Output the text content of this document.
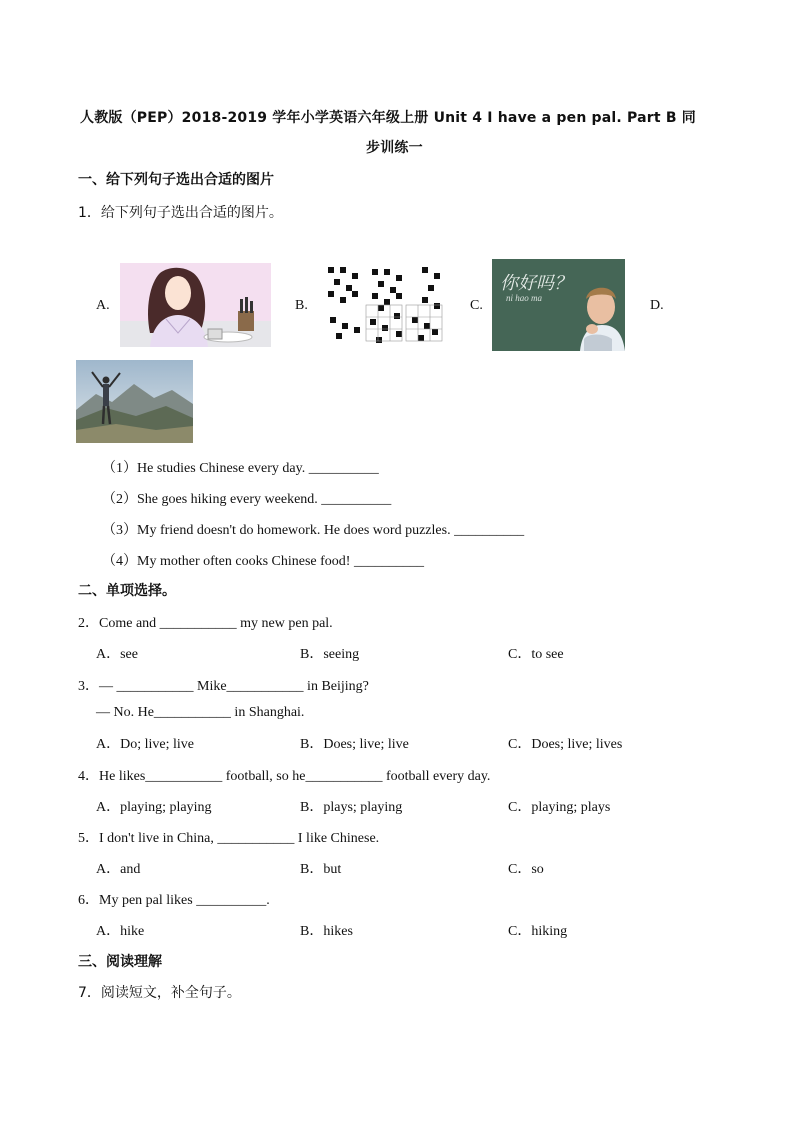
人教版（PEP）2018-2019 学年小学英语六年级上册 Unit 4 I have a pen pal. Part B 同
步训练一
一、给下列句子选出合适的图片
1．给下列句子选出合适的图片。
A.	B.	C.
你好吗？
ni hao ma	D.
（1）He studies Chinese every day. __________
（2）She goes hiking every weekend. __________
（3）My friend doesn't do homework. He does word puzzles. __________
（4）My mother often cooks Chinese food! __________
二、单项选择。
2．Come and ___________ my new pen pal.
A．see	B．seeing	C．to see
3．— ___________ Mike___________ in Beijing?
— No. He___________ in Shanghai.
A．Do; live; live	B．Does; live; live	C．Does; live; lives
4．He likes___________ football, so he___________ football every day.
A．playing; playing	B．plays; playing	C．playing; plays
5．I don't live in China, ___________ I like Chinese.
A．and	B．but	C．so
6．My pen pal likes __________.
A．hike	B．hikes	C．hiking
三、阅读理解
7．阅读短文，补全句子。
